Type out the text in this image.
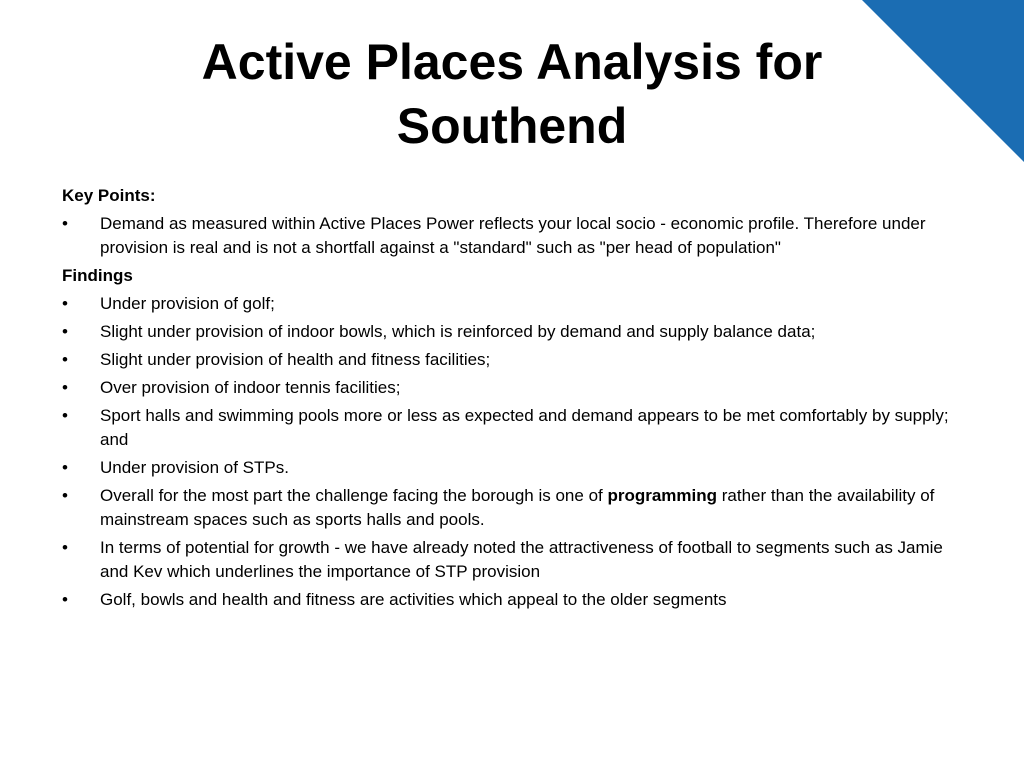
Active Places Analysis for Southend
Key Points:
• Demand as measured within Active Places Power reflects your local socio - economic profile. Therefore under provision is real and is not a shortfall against a "standard" such as "per head of population"
Findings
• Under provision of golf;
• Slight under provision of indoor bowls, which is reinforced by demand and supply balance data;
• Slight under provision of health and fitness facilities;
• Over provision of indoor tennis facilities;
• Sport halls and swimming pools more or less as expected and demand appears to be met comfortably by supply; and
• Under provision of STPs.
• Overall for the most part the challenge facing the borough is one of programming rather than the availability of mainstream spaces such as sports halls and pools.
• In terms of potential for growth - we have already noted the attractiveness of football to segments such as Jamie and Kev which underlines the importance of STP provision
• Golf, bowls and health and fitness are activities which appeal to the older segments
